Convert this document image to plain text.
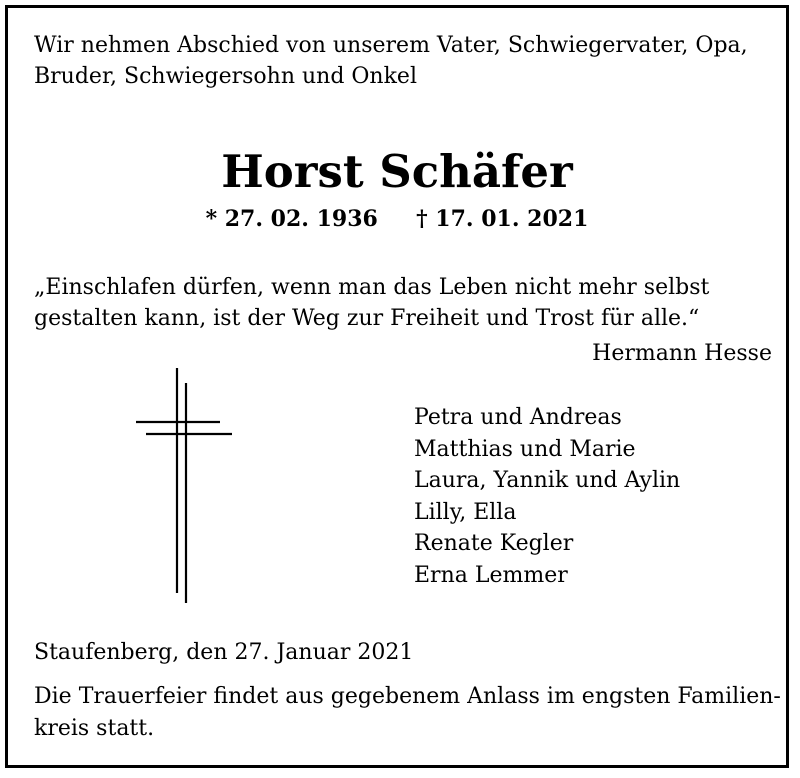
Wir nehmen Abschied von unserem Vater, Schwiegervater, Opa,
Bruder, Schwiegersohn und Onkel
Horst Schäfer
* 27. 02. 1936     † 17. 01. 2021
„Einschlafen dürfen, wenn man das Leben nicht mehr selbst
gestalten kann, ist der Weg zur Freiheit und Trost für alle.“
Hermann Hesse
Petra und Andreas
Matthias und Marie
Laura, Yannik und Aylin
Lilly, Ella
Renate Kegler
Erna Lemmer
Staufenberg, den 27. Januar 2021
Die Trauerfeier findet aus gegebenem Anlass im engsten Familien-
kreis statt.
